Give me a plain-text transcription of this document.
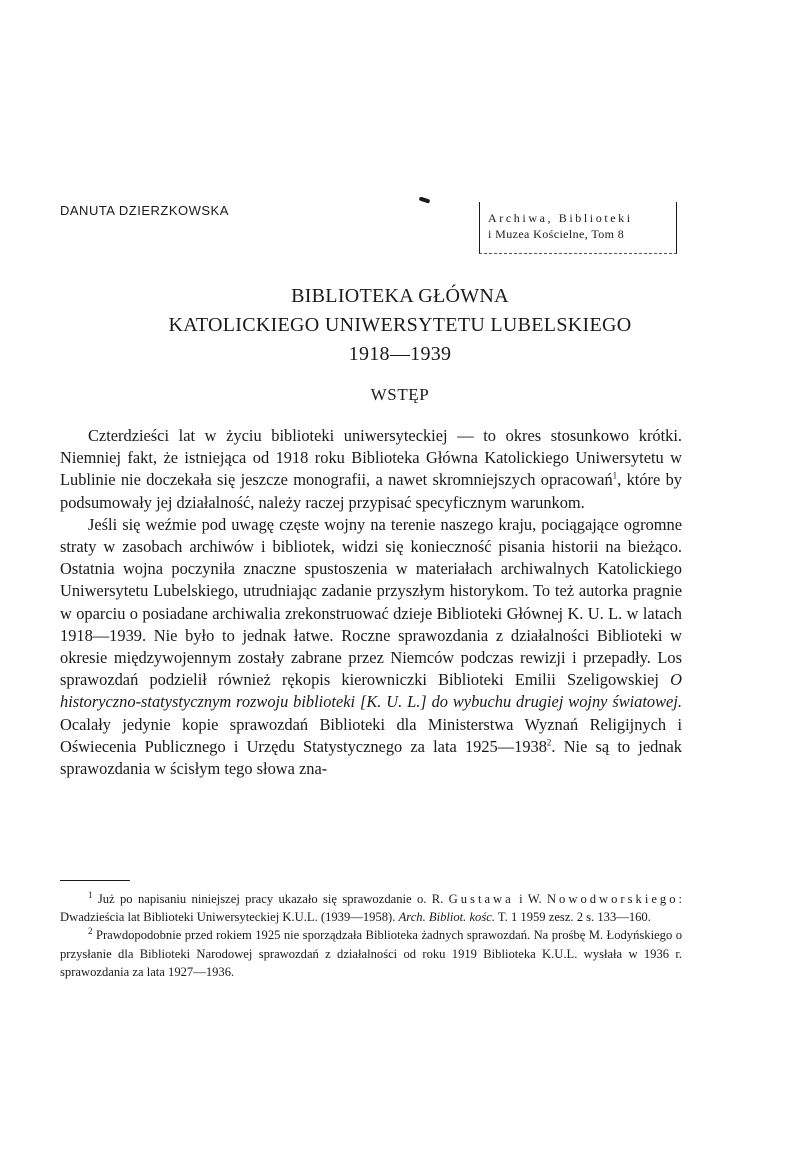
DANUTA DZIERZKOWSKA	Archiwa, Biblioteki
i Muzea Kościelne, Tom 8
BIBLIOTEKA GŁÓWNA
KATOLICKIEGO UNIWERSYTETU LUBELSKIEGO
1918—1939
WSTĘP

Czterdzieści lat w życiu biblioteki uniwersyteckiej — to okres stosunkowo krótki. Niemniej fakt, że istniejąca od 1918 roku Biblioteka Główna Katolickiego Uniwersytetu w Lublinie nie doczekała się jeszcze monografii, a nawet skromniejszych opracowań$^1$, które by podsumowały jej działalność, należy raczej przypisać specyficznym warunkom.

Jeśli się weźmie pod uwagę częste wojny na terenie naszego kraju, pociągające ogromne straty w zasobach archiwów i bibliotek, widzi się konieczność pisania historii na bieżąco. Ostatnia wojna poczyniła znaczne spustoszenia w materiałach archiwalnych Katolickiego Uniwersytetu Lubelskiego, utrudniając zadanie przyszłym historykom. To też autorka pragnie w oparciu o posiadane archiwalia zrekonstruować dzieje Biblioteki Głównej K. U. L. w latach 1918—1939. Nie było to jednak łatwe. Roczne sprawozdania z działalności Biblioteki w okresie międzywojennym zostały zabrane przez Niemców podczas rewizji i przepadły. Los sprawozdań podzielił również rękopis kierowniczki Biblioteki Emilii Szeligowskiej O historyczno-statystycznym rozwoju biblioteki [K. U. L.] do wybuchu drugiej wojny światowej. Ocalały jedynie kopie sprawozdań Biblioteki dla Ministerstwa Wyznań Religijnych i Oświecenia Publicznego i Urzędu Statystycznego za lata 1925—1938$^2$. Nie są to jednak sprawozdania w ścisłym tego słowa zna-

$^1$ Już po napisaniu niniejszej pracy ukazało się sprawozdanie o. R. Gustawa i W. Nowodworskiego: Dwadzieścia lat Biblioteki Uniwersyteckiej K.U.L. (1939—1958). Arch. Bibliot. kośc. T. 1 1959 zesz. 2 s. 133—160.

$^2$ Prawdopodobnie przed rokiem 1925 nie sporządzała Biblioteka żadnych sprawozdań. Na prośbę M. Łodyńskiego o przysłanie dla Biblioteki Narodowej sprawozdań z działalności od roku 1919 Biblioteka K.U.L. wysłała w 1936 r. sprawozdania za lata 1927—1936.
